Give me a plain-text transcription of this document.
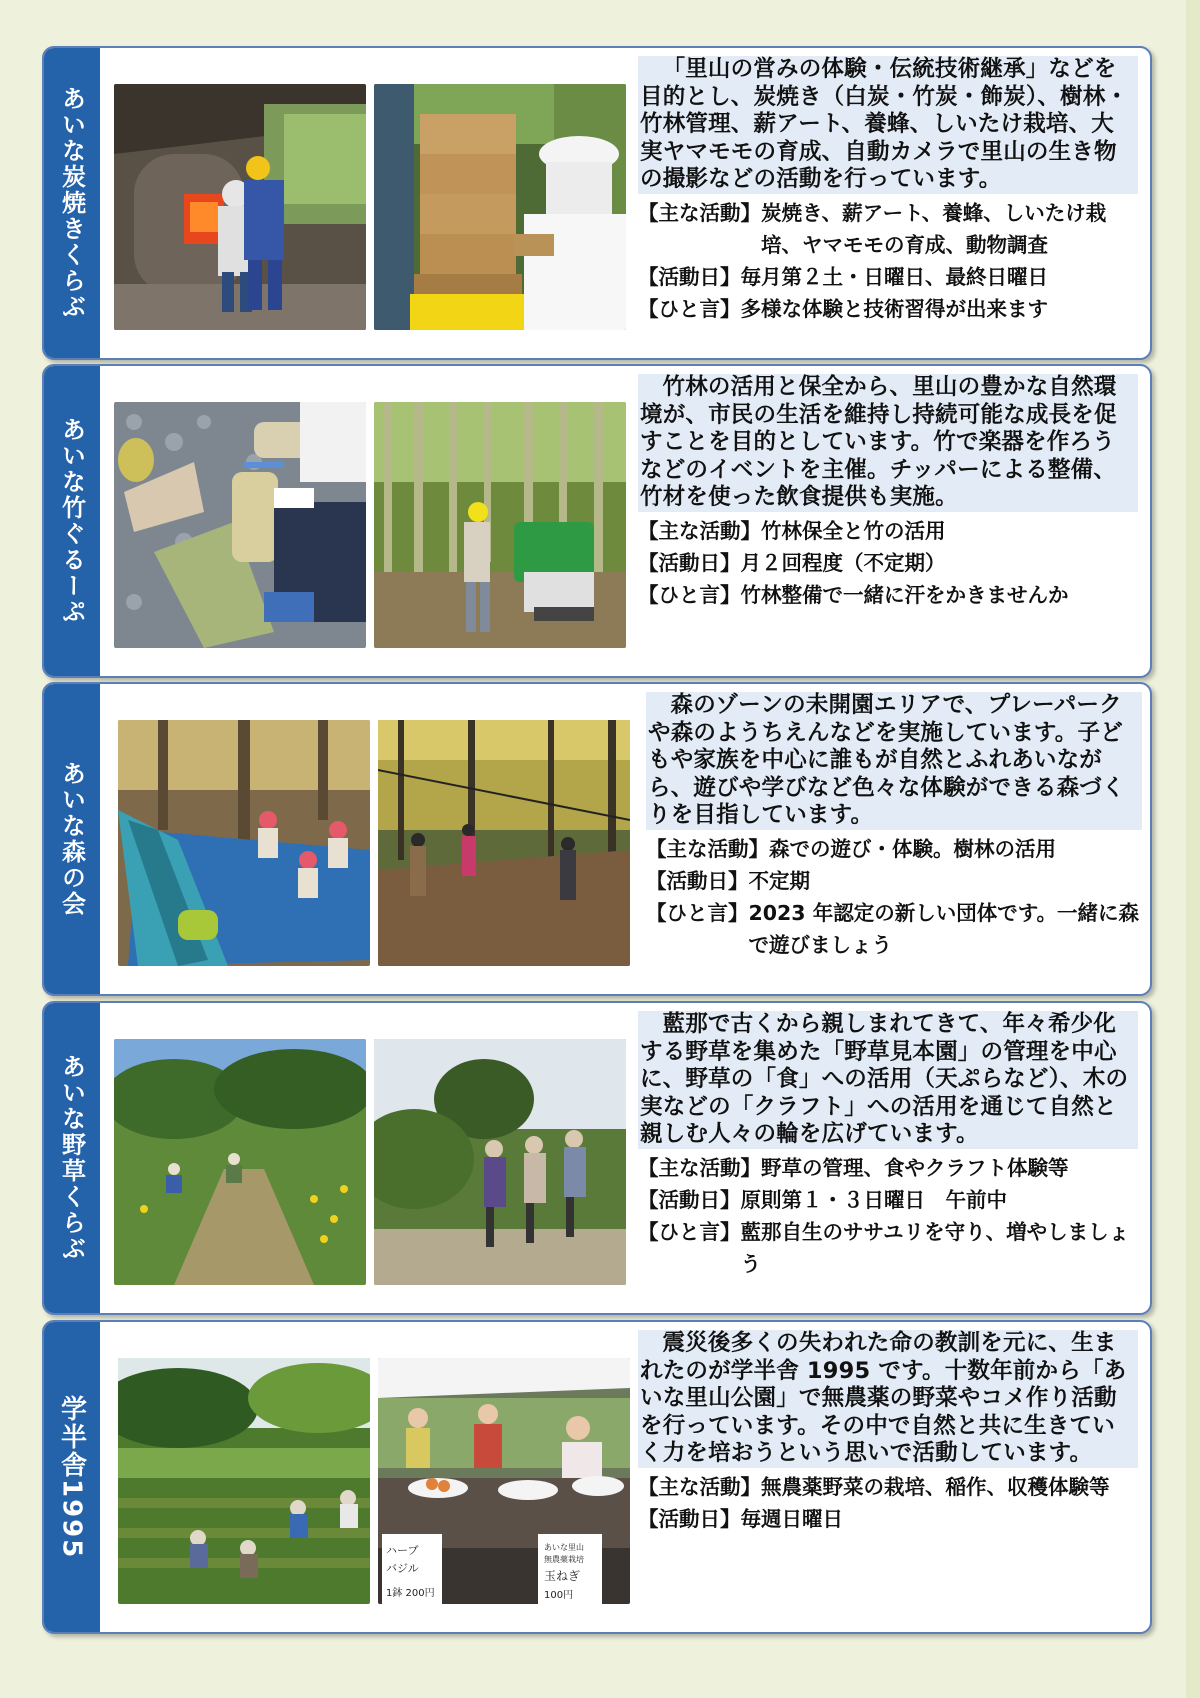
あいな炭焼きくらぶ

「里山の営みの体験・伝統技術継承」などを目的とし、炭焼き（白炭・竹炭・飾炭）、樹林・竹林管理、薪アート、養蜂、しいたけ栽培、大実ヤマモモの育成、自動カメラで里山の生き物の撮影などの活動を行っています。

【主な活動】 炭焼き、薪アート、養蜂、しいたけ栽培、ヤマモモの育成、動物調査
【活動日】 毎月第２土・日曜日、最終日曜日
【ひと言】 多様な体験と技術習得が出来ます
あいな竹ぐるーぷ

竹林の活用と保全から、里山の豊かな自然環境が、市民の生活を維持し持続可能な成長を促すことを目的としています。竹で楽器を作ろうなどのイベントを主催。チッパーによる整備、竹材を使った飲食提供も実施。

【主な活動】 竹林保全と竹の活用
【活動日】 月２回程度（不定期）
【ひと言】 竹林整備で一緒に汗をかきませんか
あいな森の会

森のゾーンの未開園エリアで、プレーパークや森のようちえんなどを実施しています。子どもや家族を中心に誰もが自然とふれあいながら、遊びや学びなど色々な体験ができる森づくりを目指しています。

【主な活動】 森での遊び・体験。樹林の活用
【活動日】 不定期
【ひと言】 2023 年認定の新しい団体です。一緒に森で遊びましょう
あいな野草くらぶ

藍那で古くから親しまれてきて、年々希少化する野草を集めた「野草見本園」の管理を中心に、野草の「食」への活用（天ぷらなど）、木の実などの「クラフト」への活用を通じて自然と親しむ人々の輪を広げています。

【主な活動】 野草の管理、食やクラフト体験等
【活動日】 原則第１・３日曜日　午前中
【ひと言】 藍那自生のササユリを守り、増やしましょう
学半舎1995	ハーブ
バジル
1鉢 200円
あいな里山
無農薬栽培
玉ねぎ
100円

震災後多くの失われた命の教訓を元に、生まれたのが学半舎 1995 です。十数年前から「あいな里山公園」で無農薬の野菜やコメ作り活動を行っています。その中で自然と共に生きていく力を培おうという思いで活動しています。

【主な活動】 無農薬野菜の栽培、稲作、収穫体験等
【活動日】 毎週日曜日
